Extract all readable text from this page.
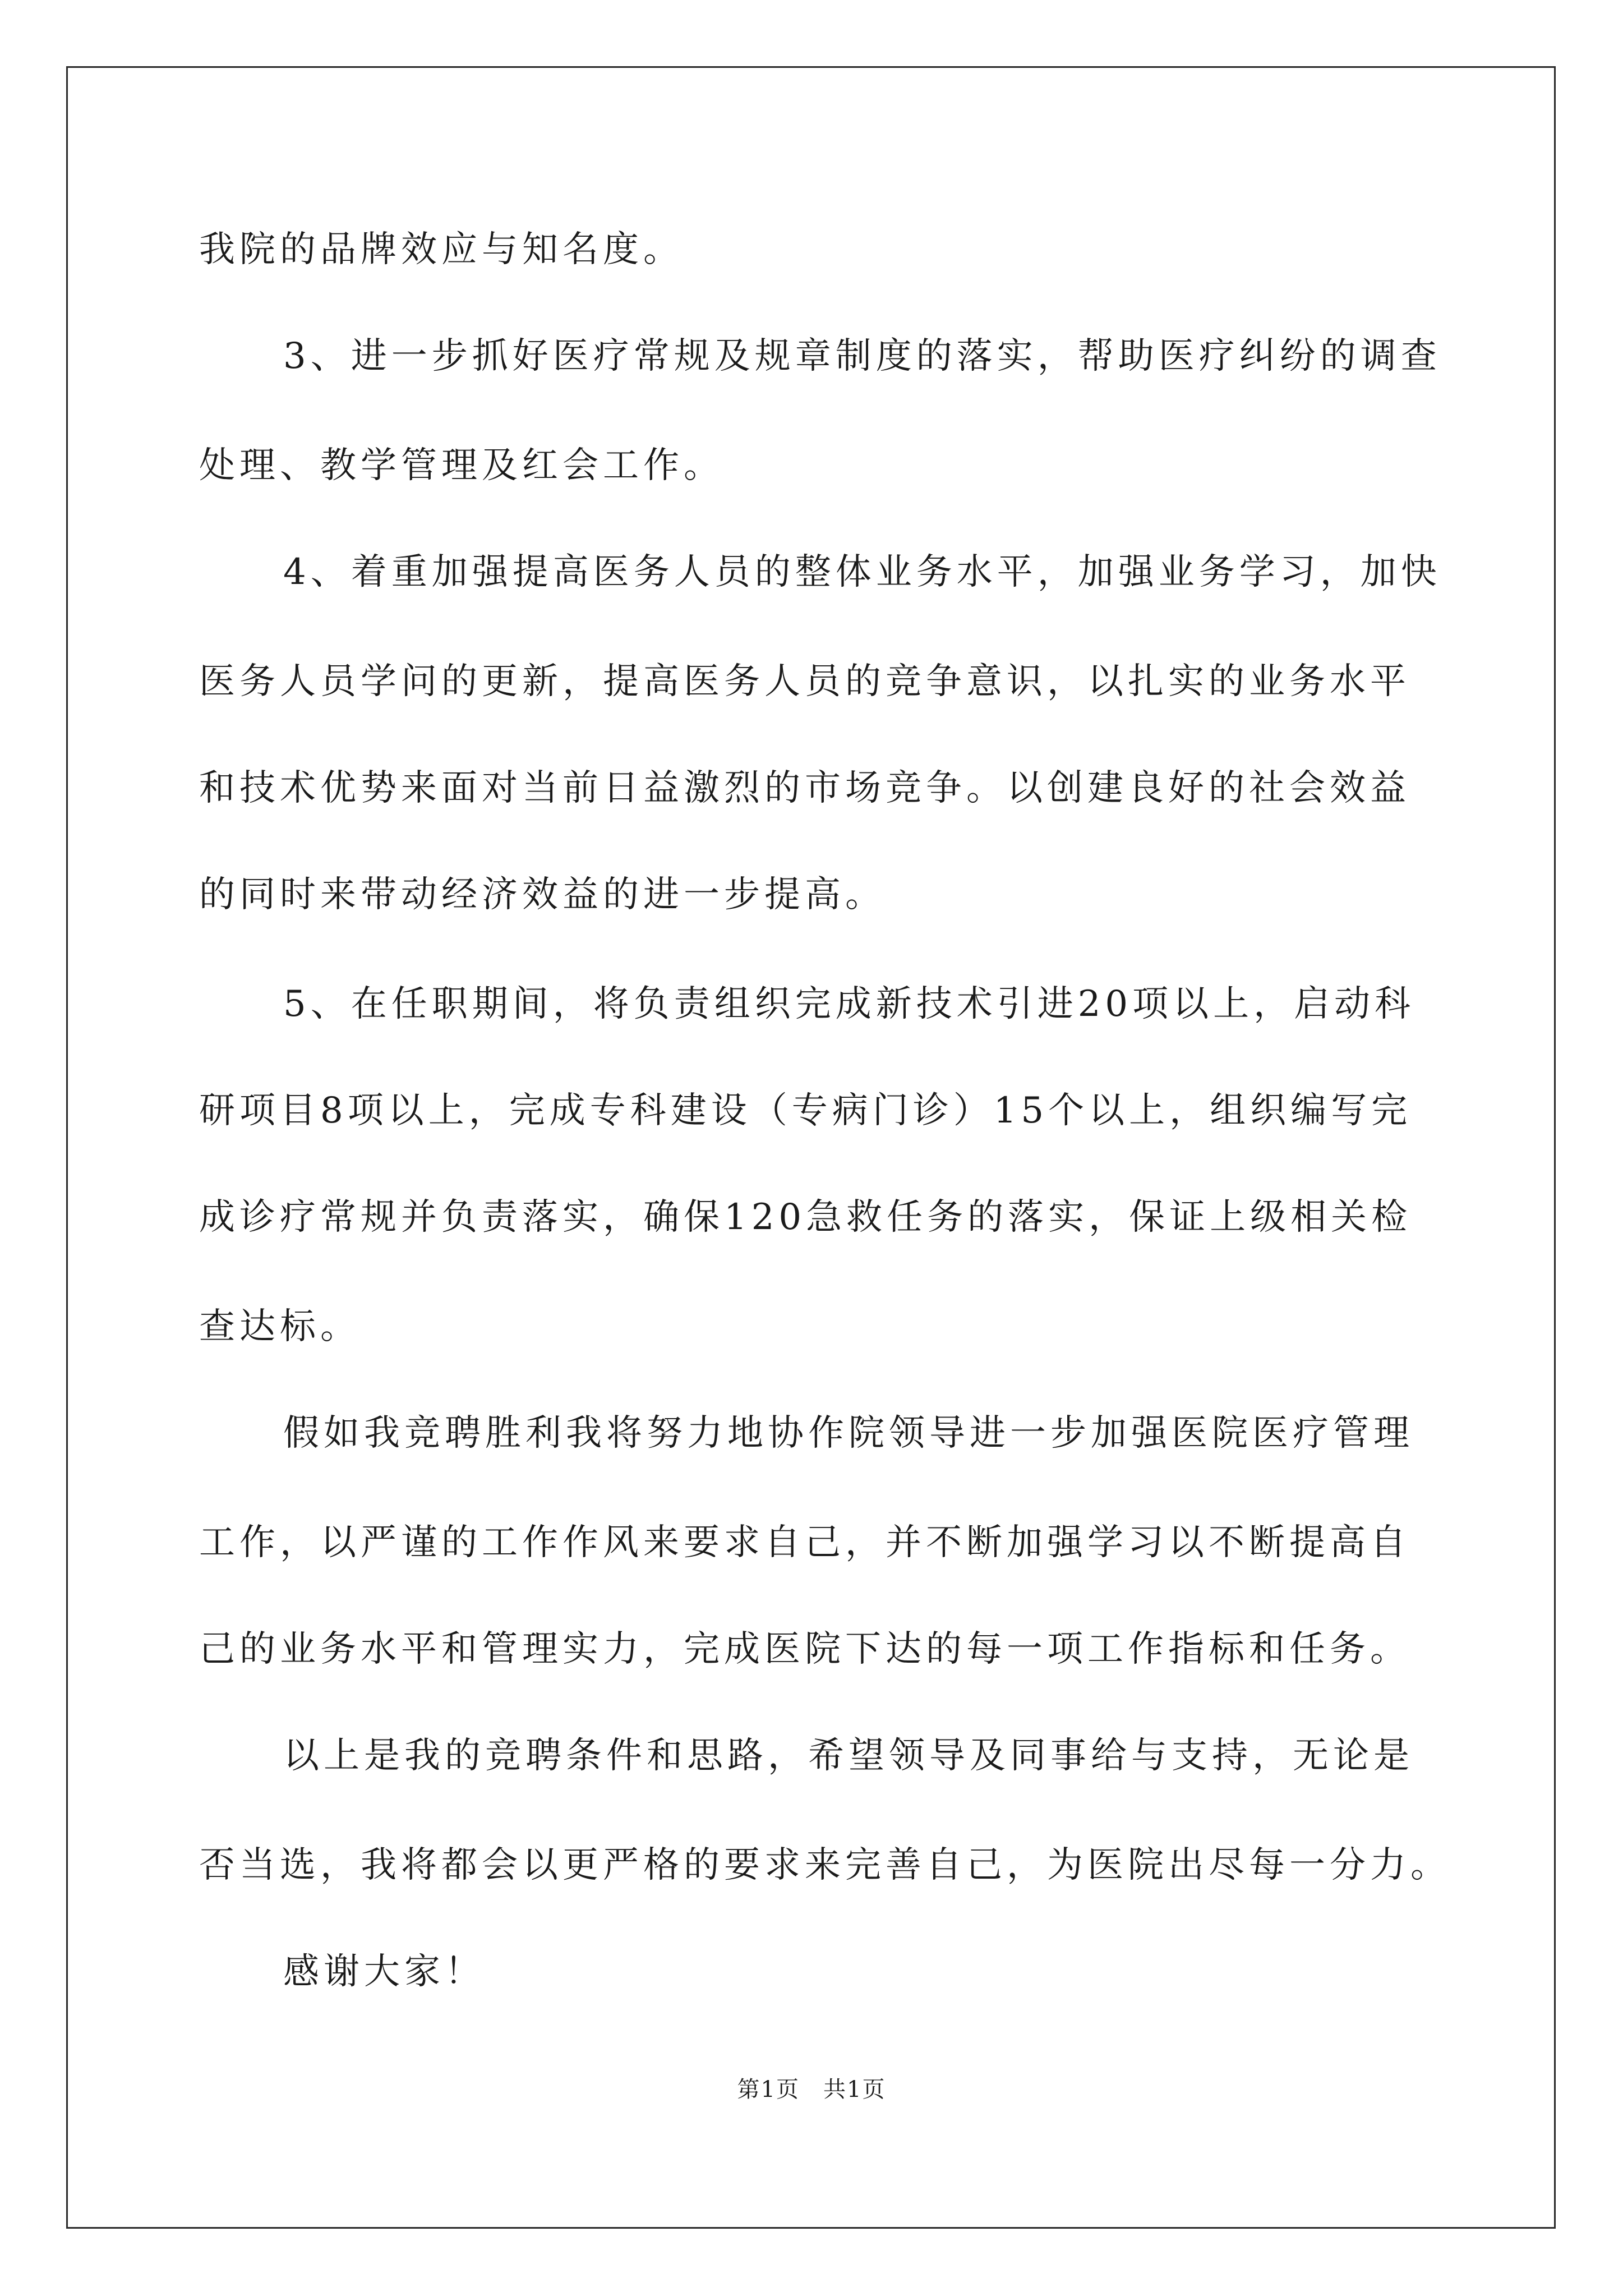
我院的品牌效应与知名度。
3、进一步抓好医疗常规及规章制度的落实，帮助医疗纠纷的调查
处理、教学管理及红会工作。
4、着重加强提高医务人员的整体业务水平，加强业务学习，加快
医务人员学问的更新，提高医务人员的竞争意识，以扎实的业务水平
和技术优势来面对当前日益激烈的市场竞争。以创建良好的社会效益
的同时来带动经济效益的进一步提高。
5、在任职期间，将负责组织完成新技术引进20项以上，启动科
研项目8项以上，完成专科建设（专病门诊）15个以上，组织编写完
成诊疗常规并负责落实，确保120急救任务的落实，保证上级相关检
查达标。
假如我竞聘胜利我将努力地协作院领导进一步加强医院医疗管理
工作，以严谨的工作作风来要求自己，并不断加强学习以不断提高自
己的业务水平和管理实力，完成医院下达的每一项工作指标和任务。
以上是我的竞聘条件和思路，希望领导及同事给与支持，无论是
否当选，我将都会以更严格的要求来完善自己，为医院出尽每一分力。
感谢大家！
第1页　共1页
